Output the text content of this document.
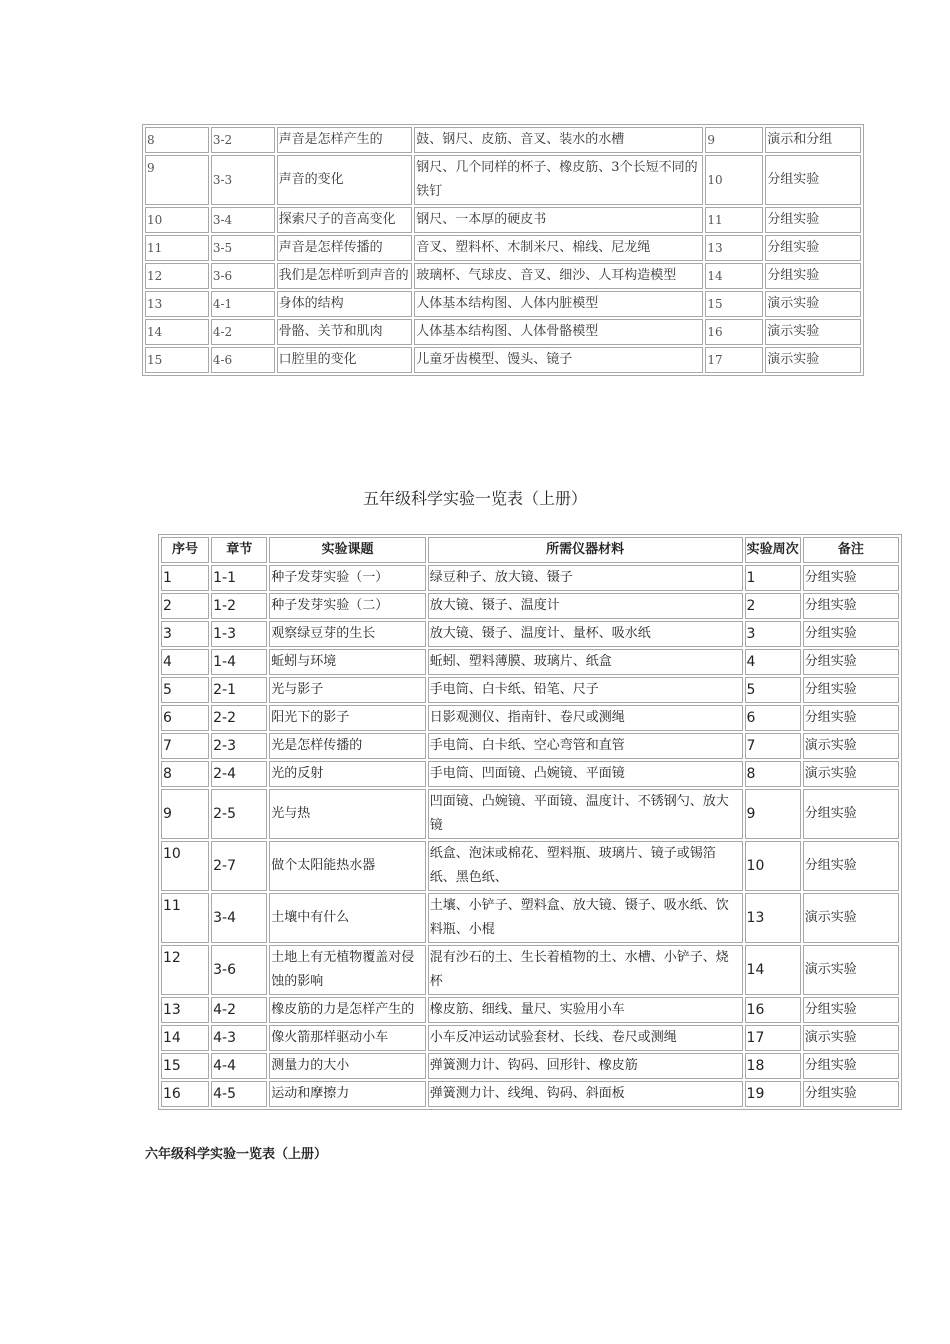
8	3-2	声音是怎样产生的	鼓、钢尺、皮筋、音叉、装水的水槽	9	演示和分组
9	3-3	声音的变化	钢尺、几个同样的杯子、橡皮筋、3个长短不同的铁钉	10	分组实验
10	3-4	探索尺子的音高变化	钢尺、一本厚的硬皮书	11	分组实验
11	3-5	声音是怎样传播的	音叉、塑料杯、木制米尺、棉线、尼龙绳	13	分组实验
12	3-6	我们是怎样听到声音的	玻璃杯、气球皮、音叉、细沙、人耳构造模型	14	分组实验
13	4-1	身体的结构	人体基本结构图、人体内脏模型	15	演示实验
14	4-2	骨骼、关节和肌肉	人体基本结构图、人体骨骼模型	16	演示实验
15	4-6	口腔里的变化	儿童牙齿模型、馒头、镜子	17	演示实验
五年级科学实验一览表（上册）
序号	章节	实验课题	所需仪器材料	实验周次	备注
1	1-1	种子发芽实验（一）	绿豆种子、放大镜、镊子	1	分组实验
2	1-2	种子发芽实验（二）	放大镜、镊子、温度计	2	分组实验
3	1-3	观察绿豆芽的生长	放大镜、镊子、温度计、量杯、吸水纸	3	分组实验
4	1-4	蚯蚓与环境	蚯蚓、塑料薄膜、玻璃片、纸盒	4	分组实验
5	2-1	光与影子	手电筒、白卡纸、铅笔、尺子	5	分组实验
6	2-2	阳光下的影子	日影观测仪、指南针、卷尺或测绳	6	分组实验
7	2-3	光是怎样传播的	手电筒、白卡纸、空心弯管和直管	7	演示实验
8	2-4	光的反射	手电筒、凹面镜、凸婉镜、平面镜	8	演示实验
9	2-5	光与热	凹面镜、凸婉镜、平面镜、温度计、不锈钢勺、放大镜	9	分组实验
10	2-7	做个太阳能热水器	纸盒、泡沫或棉花、塑料瓶、玻璃片、镜子或锡箔纸、黑色纸、	10	分组实验
11	3-4	土壤中有什么	土壤、小铲子、塑料盒、放大镜、镊子、吸水纸、饮料瓶、小棍	13	演示实验
12	3-6	土地上有无植物覆盖对侵蚀的影响	混有沙石的土、生长着植物的土、水槽、小铲子、烧杯	14	演示实验
13	4-2	橡皮筋的力是怎样产生的	橡皮筋、细线、量尺、实验用小车	16	分组实验
14	4-3	像火箭那样驱动小车	小车反冲运动试验套材、长线、卷尺或测绳	17	演示实验
15	4-4	测量力的大小	弹簧测力计、钩码、回形针、橡皮筋	18	分组实验
16	4-5	运动和摩擦力	弹簧测力计、线绳、钩码、斜面板	19	分组实验
六年级科学实验一览表（上册）
